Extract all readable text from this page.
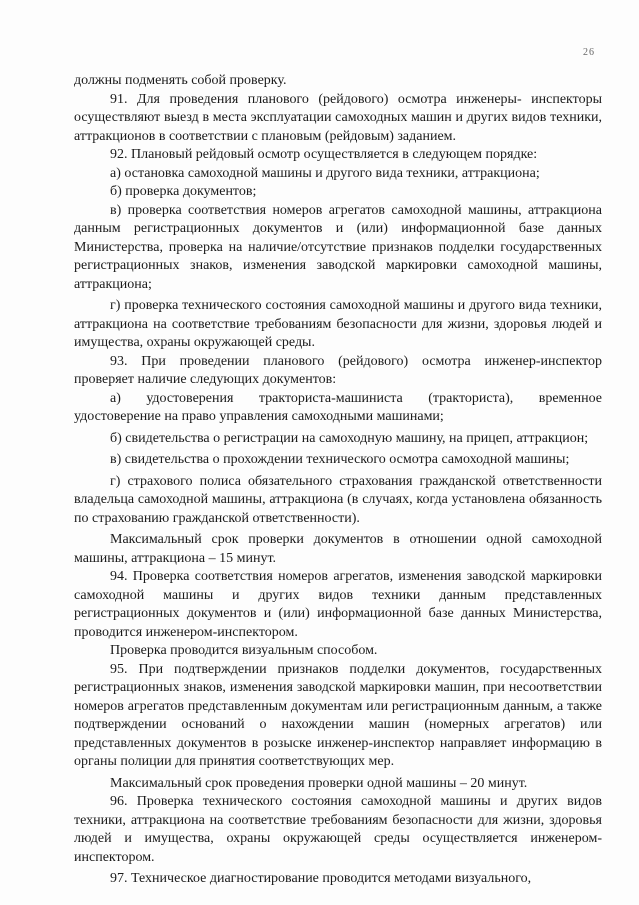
26

должны подменять собой проверку.

91. Для проведения планового (рейдового) осмотра инженеры- инспекторы осуществляют выезд в места эксплуатации самоходных машин и других видов техники, аттракционов в соответствии с плановым (рейдовым) заданием.

92. Плановый рейдовый осмотр осуществляется в следующем порядке:

а) остановка самоходной машины и другого вида техники, аттракциона;

б) проверка документов;

в) проверка соответствия номеров агрегатов самоходной машины, аттракциона данным регистрационных документов и (или) информационной базе данных Министерства, проверка на наличие/отсутствие признаков подделки государственных регистрационных знаков, изменения заводской маркировки самоходной машины, аттракциона;

г) проверка технического состояния самоходной машины и другого вида техники, аттракциона на соответствие требованиям безопасности для жизни, здоровья людей и имущества, охраны окружающей среды.

93. При проведении планового (рейдового) осмотра инженер-инспектор проверяет наличие следующих документов:

а) удостоверения тракториста-машиниста (тракториста), временное удостоверение на право управления самоходными машинами;

б) свидетельства о регистрации на самоходную машину, на прицеп, аттракцион;

в) свидетельства о прохождении технического осмотра самоходной машины;

г) страхового полиса обязательного страхования гражданской ответственности владельца самоходной машины, аттракциона (в случаях, когда установлена обязанность по страхованию гражданской ответственности).

Максимальный срок проверки документов в отношении одной самоходной машины, аттракциона – 15 минут.

94. Проверка соответствия номеров агрегатов, изменения заводской маркировки самоходной машины и других видов техники данным представленных регистрационных документов и (или) информационной базе данных Министерства, проводится инженером-инспектором.

Проверка проводится визуальным способом.

95. При подтверждении признаков подделки документов, государственных регистрационных знаков, изменения заводской маркировки машин, при несоответствии номеров агрегатов представленным документам или регистрационным данным, а также подтверждении оснований о нахождении машин (номерных агрегатов) или представленных документов в розыске инженер-инспектор направляет информацию в органы полиции для принятия соответствующих мер.

Максимальный срок проведения проверки одной машины – 20 минут.

96. Проверка технического состояния самоходной машины и других видов техники, аттракциона на соответствие требованиям безопасности для жизни, здоровья людей и имущества, охраны окружающей среды осуществляется инженером-инспектором.

97. Техническое диагностирование проводится методами визуального,
